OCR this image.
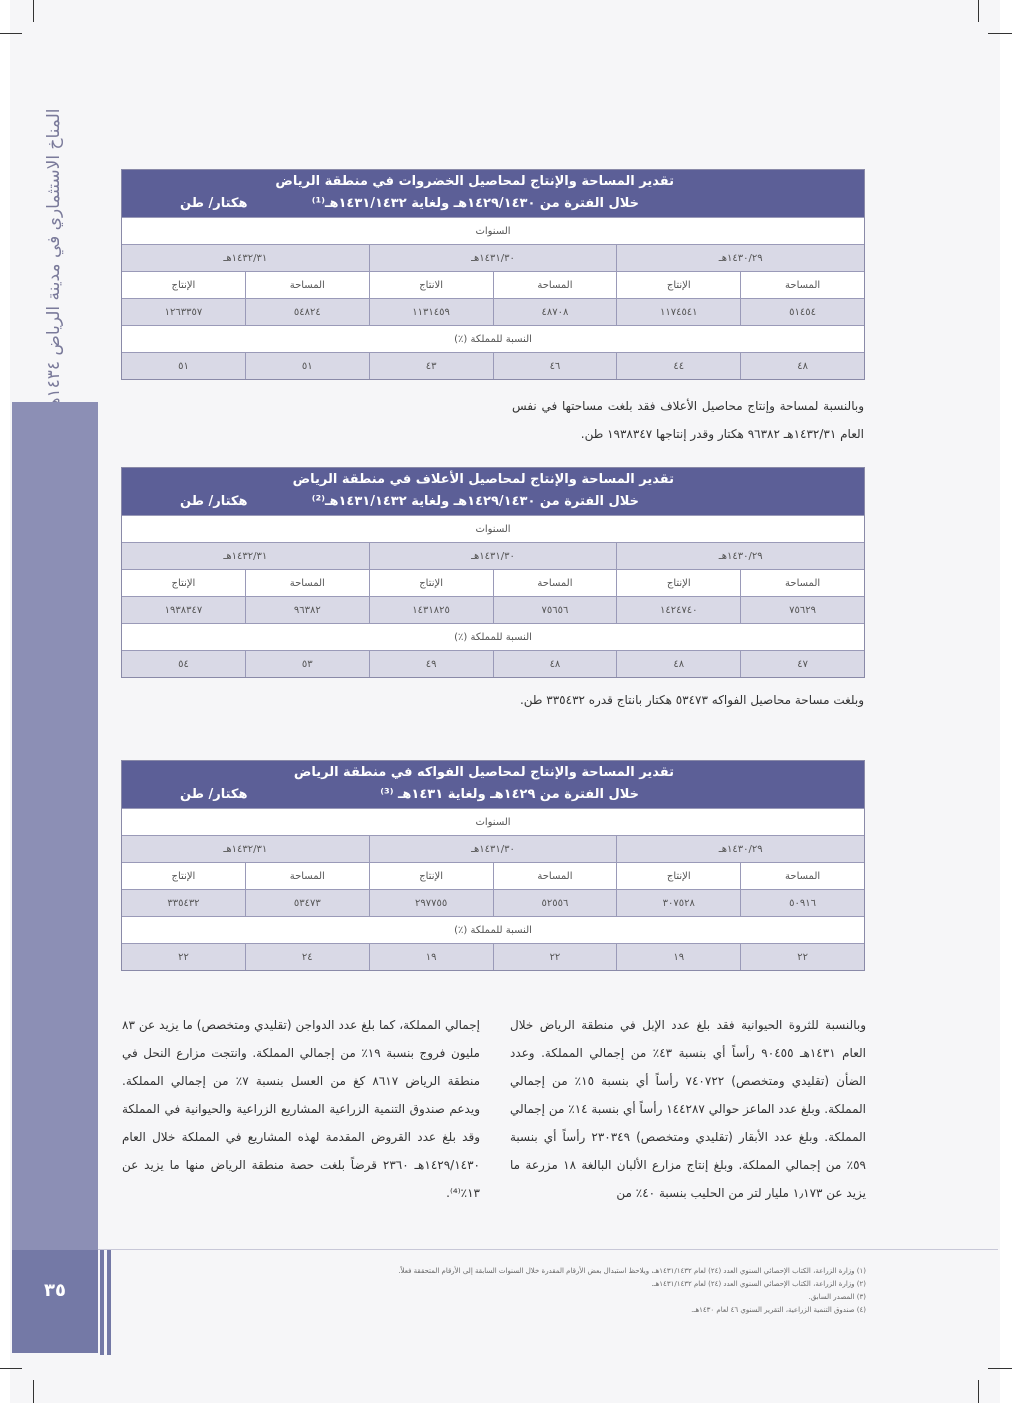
المناخ الاستثماري في مدينة الرياض ١٤٣٤
٣٥
تقدير المساحة والإنتاج لمحاصيل الخضروات في منطقة الرياض
خلال الفترة من ١٤٢٩/١٤٣٠هـ ولغاية ١٤٣١/١٤٣٢هـ⁽¹⁾
هكتار/ طن
السنوات
١٤٣٠/٢٩هـ
١٤٣١/٣٠هـ
١٤٣٢/٣١هـ
المساحة
الإنتاج
المساحة
الانتاج
المساحة
الإنتاج
٥١٤٥٤
١١٧٤٥٤١
٤٨٧٠٨
١١٣١٤٥٩
٥٤٨٢٤
١٢٦٣٣٥٧
النسبة للمملكة (٪)
٤٨
٤٤
٤٦
٤٣
٥١
٥١
وبالنسبة لمساحة وإنتاج محاصيل الأعلاف فقد بلغت مساحتها في نفس العام ١٤٣٢/٣١هـ ٩٦٣٨٢ هكتار وقدر إنتاجها ١٩٣٨٣٤٧ طن.
تقدير المساحة والإنتاج لمحاصيل الأعلاف في منطقة الرياض
خلال الفترة من ١٤٢٩/١٤٣٠هـ ولغاية ١٤٣١/١٤٣٢هـ⁽²⁾
هكتار/ طن
السنوات
١٤٣٠/٢٩هـ
١٤٣١/٣٠هـ
١٤٣٢/٣١هـ
المساحة
الإنتاج
المساحة
الإنتاج
المساحة
الإنتاج
٧٥٦٢٩
١٤٢٤٧٤٠
٧٥٦٥٦
١٤٣١٨٢٥
٩٦٣٨٢
١٩٣٨٣٤٧
النسبة للمملكة (٪)
٤٧
٤٨
٤٨
٤٩
٥٣
٥٤
وبلغت مساحة محاصيل الفواكه ٥٣٤٧٣ هكتار بانتاج قدره ٣٣٥٤٣٢ طن.
تقدير المساحة والإنتاج لمحاصيل الفواكه في منطقة الرياض
خلال الفترة من ١٤٢٩هـ ولغاية ١٤٣١هـ ⁽³⁾
هكتار/ طن
السنوات
١٤٣٠/٢٩هـ
١٤٣١/٣٠هـ
١٤٣٢/٣١هـ
المساحة
الإنتاج
المساحة
الإنتاج
المساحة
الإنتاج
٥٠٩١٦
٣٠٧٥٢٨
٥٢٥٥٦
٢٩٧٧٥٥
٥٣٤٧٣
٣٣٥٤٣٢
النسبة للمملكة (٪)
٢٢
١٩
٢٢
١٩
٢٤
٢٢
وبالنسبة للثروة الحيوانية فقد بلغ عدد الإبل في منطقة الرياض خلال العام ١٤٣١هـ ٩٠٤٥٥ رأساً أي بنسبة ٤٣٪ من إجمالي المملكة. وعدد الضأن (تقليدي ومتخصص) ٧٤٠٧٢٢ رأساً أي بنسبة ١٥٪ من إجمالي المملكة. وبلغ عدد الماعز حوالي ١٤٤٢٨٧ رأساً أي بنسبة ١٤٪ من إجمالي المملكة. وبلغ عدد الأبقار (تقليدي ومتخصص) ٢٣٠٣٤٩ رأساً أي بنسبة ٥٩٪ من إجمالي المملكة. وبلغ إنتاج مزارع الألبان البالغة ١٨ مزرعة ما يزيد عن ١٫١٧٣ مليار لتر من الحليب بنسبة ٤٠٪ من
إجمالي المملكة، كما بلغ عدد الدواجن (تقليدي ومتخصص) ما يزيد عن ٨٣ مليون فروج بنسبة ١٩٪ من إجمالي المملكة. وانتجت مزارع النحل في منطقة الرياض ٨٦١٧ كغ من العسل بنسبة ٧٪ من إجمالي المملكة. ويدعم صندوق التنمية الزراعية المشاريع الزراعية والحيوانية في المملكة وقد بلغ عدد القروض المقدمة لهذه المشاريع في المملكة خلال العام ١٤٢٩/١٤٣٠هـ ٢٣٦٠ قرضاً بلغت حصة منطقة الرياض منها ما يزيد عن ١٣٪⁽⁴⁾.
(١) وزارة الزراعة، الكتاب الإحصائي السنوي العدد (٢٤) لعام ١٤٣١/١٤٣٢هـ، ويلاحظ استبدال بعض الأرقام المقدرة خلال السنوات السابقة إلى الأرقام المتحققة فعلاً.
(٢) وزارة الزراعة، الكتاب الإحصائي السنوي العدد (٢٤) لعام ١٤٣١/١٤٣٢هـ.
(٣) المصدر السابق.
(٤) صندوق التنمية الزراعية، التقرير السنوي ٤٦ لعام ١٤٣٠هـ.
